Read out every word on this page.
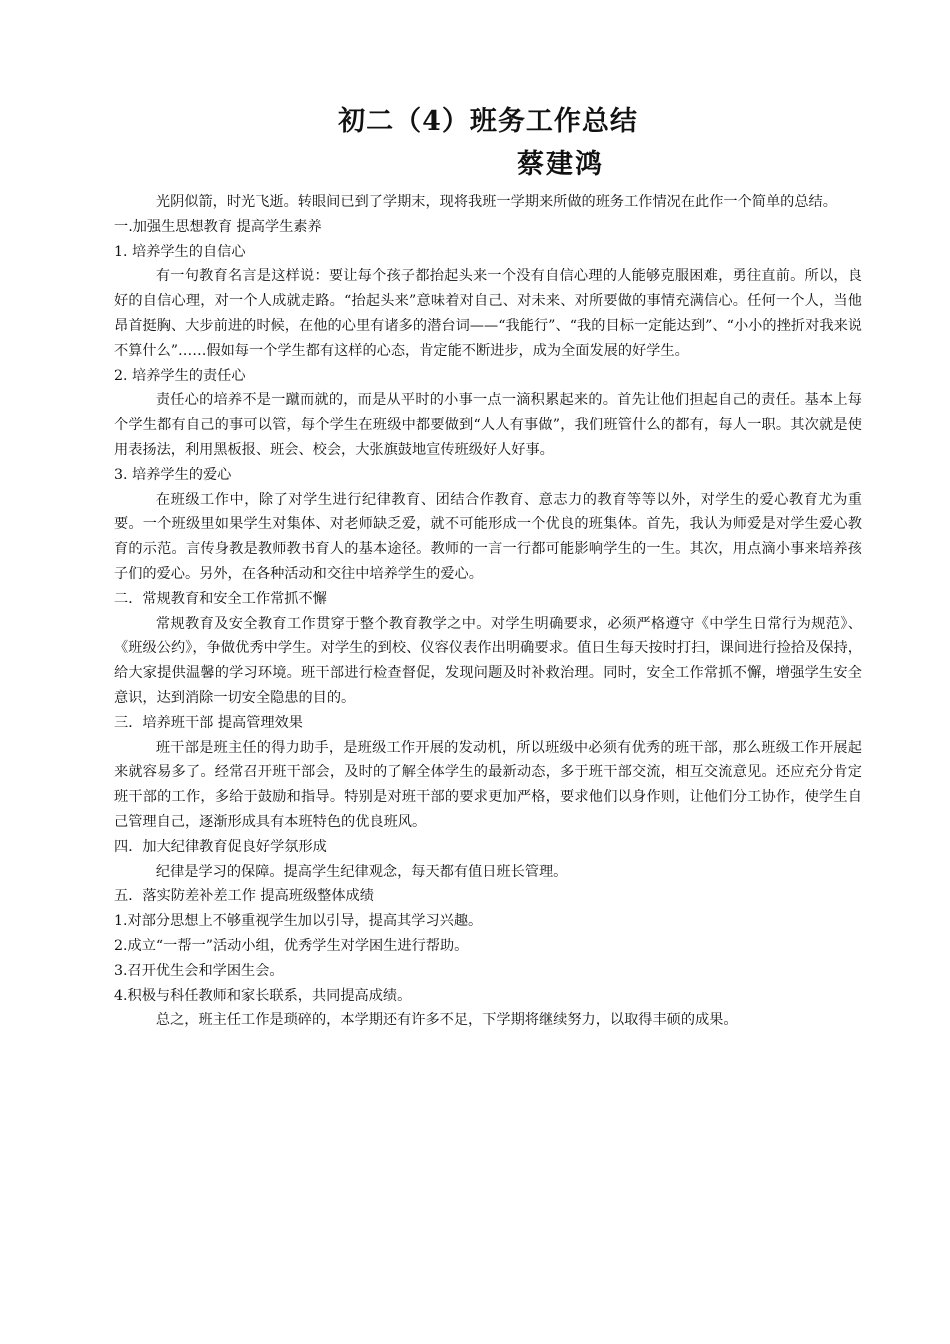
初二（4）班务工作总结
蔡建鸿

光阴似箭，时光飞逝。转眼间已到了学期末，现将我班一学期来所做的班务工作情况在此作一个简单的总结。

一.加强生思想教育 提高学生素养

1. 培养学生的自信心

有一句教育名言是这样说：要让每个孩子都抬起头来一个没有自信心理的人能够克服困难，勇往直前。所以，良好的自信心理，对一个人成就走路。“抬起头来”意味着对自己、对未来、对所要做的事情充满信心。任何一个人，当他昂首挺胸、大步前进的时候，在他的心里有诸多的潜台词——“我能行”、“我的目标一定能达到”、“小小的挫折对我来说不算什么”……假如每一个学生都有这样的心态，肯定能不断进步，成为全面发展的好学生。

2. 培养学生的责任心

责任心的培养不是一蹴而就的，而是从平时的小事一点一滴积累起来的。首先让他们担起自己的责任。基本上每个学生都有自己的事可以管，每个学生在班级中都要做到“人人有事做”，我们班管什么的都有，每人一职。其次就是使用表扬法，利用黑板报、班会、校会，大张旗鼓地宣传班级好人好事。

3. 培养学生的爱心

在班级工作中，除了对学生进行纪律教育、团结合作教育、意志力的教育等等以外，对学生的爱心教育尤为重要。一个班级里如果学生对集体、对老师缺乏爱，就不可能形成一个优良的班集体。首先，我认为师爱是对学生爱心教育的示范。言传身教是教师教书育人的基本途径。教师的一言一行都可能影响学生的一生。其次，用点滴小事来培养孩子们的爱心。另外，在各种活动和交往中培养学生的爱心。

二．常规教育和安全工作常抓不懈

常规教育及安全教育工作贯穿于整个教育教学之中。对学生明确要求，必须严格遵守《中学生日常行为规范》、《班级公约》，争做优秀中学生。对学生的到校、仪容仪表作出明确要求。值日生每天按时打扫，课间进行捡拾及保持，给大家提供温馨的学习环境。班干部进行检查督促，发现问题及时补救治理。同时，安全工作常抓不懈，增强学生安全意识，达到消除一切安全隐患的目的。

三．培养班干部 提高管理效果

班干部是班主任的得力助手，是班级工作开展的发动机，所以班级中必须有优秀的班干部，那么班级工作开展起来就容易多了。经常召开班干部会，及时的了解全体学生的最新动态，多于班干部交流，相互交流意见。还应充分肯定班干部的工作，多给于鼓励和指导。特别是对班干部的要求更加严格，要求他们以身作则，让他们分工协作，使学生自己管理自己，逐渐形成具有本班特色的优良班风。

四．加大纪律教育促良好学氛形成

纪律是学习的保障。提高学生纪律观念，每天都有值日班长管理。

五．落实防差补差工作 提高班级整体成绩

1.对部分思想上不够重视学生加以引导，提高其学习兴趣。

2.成立“一帮一”活动小组，优秀学生对学困生进行帮助。

3.召开优生会和学困生会。

4.积极与科任教师和家长联系，共同提高成绩。

总之，班主任工作是琐碎的，本学期还有许多不足，下学期将继续努力，以取得丰硕的成果。
